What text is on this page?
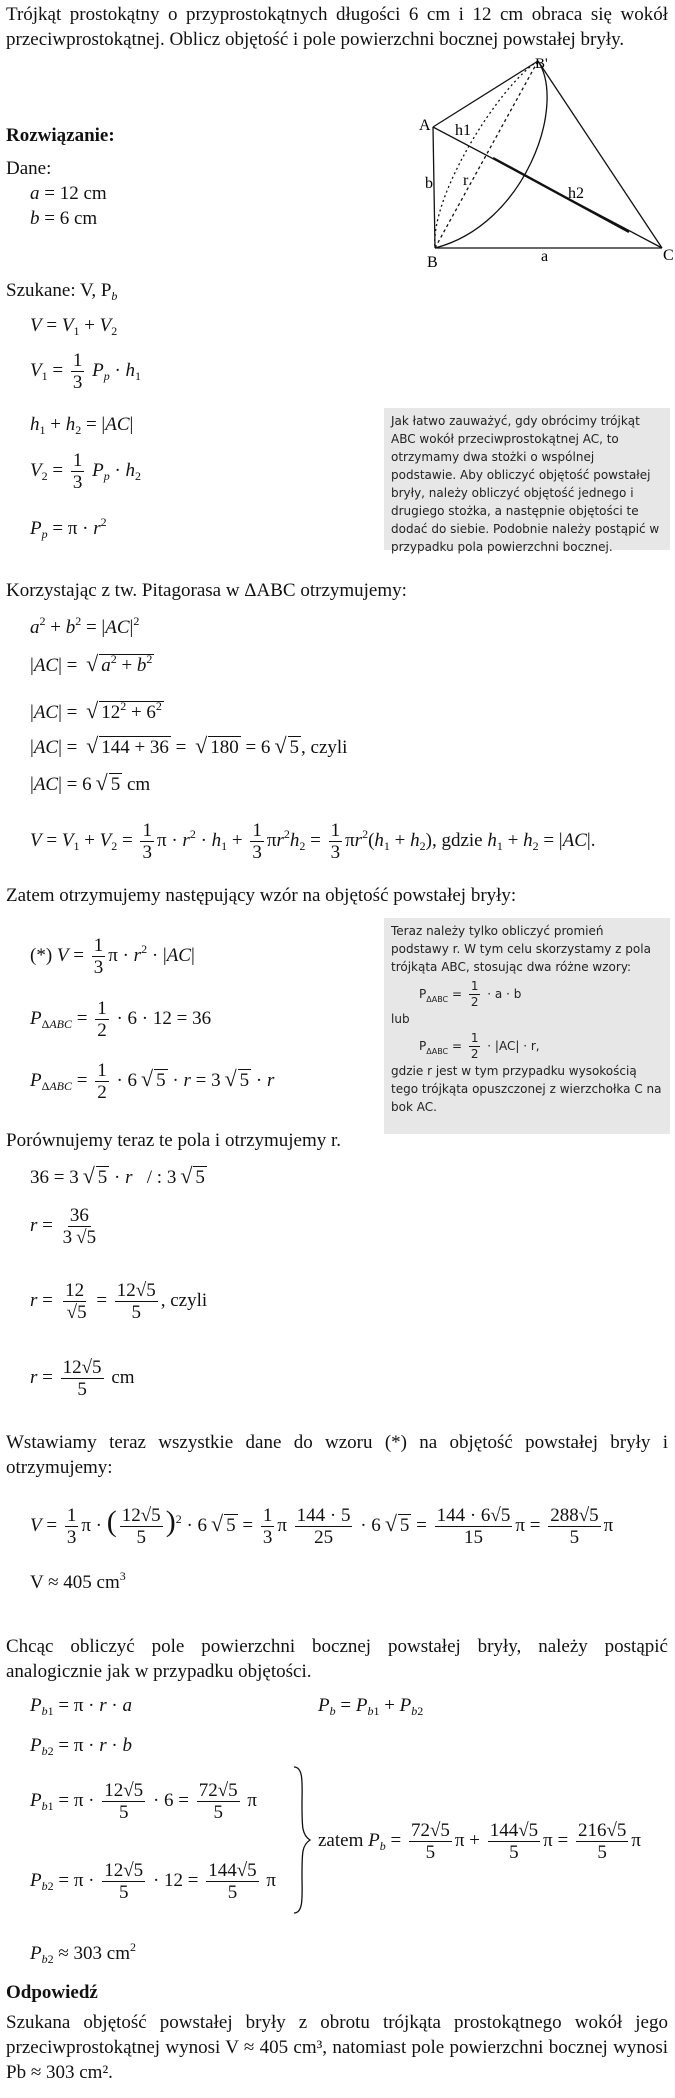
Trójkąt prostokątny o przyprostokątnych długości 6 cm i 12 cm obraca się wokół przeciwprostokątnej. Oblicz objętość i pole powierzchni bocznej powstałej bryły.
Rozwiązanie:
Dane:
a = 12 cm
b = 6 cm
A
B'
b r
h1
h2
a
B	C
Szukane: V, $P_b$
$V = V_1 + V_2$
$V_1 = \frac{1}{3} P_p \cdot h_1$
$h_1 + h_2 = |AC|$
$V_2 = \frac{1}{3} P_p \cdot h_2$
$P_p = \pi \cdot r^2$
Jak łatwo zauważyć, gdy obrócimy trójkąt ABC wokół przeciwprostokątnej AC, to otrzymamy dwa stożki o wspólnej podstawie. Aby obliczyć objętość powstałej bryły, należy obliczyć objętość jednego i drugiego stożka, a następnie objętości te dodać do siebie. Podobnie należy postąpić w przypadku pola powierzchni bocznej.
Korzystając z tw. Pitagorasa w ΔABC otrzymujemy:
$a^2 + b^2 = |AC|^2$
|AC| = √ $a^2 + b^2$
|AC| = √ $12^2 + 6^2$
|AC| = √ 144 + 36 = √ 180 = 6 √ 5 , czyli
|AC| = 6 √ 5 cm
$V = V_1 + V_2 = \frac{1}{3}$ $\pi \cdot r^2 \cdot h_1 + \frac{1}{3} \pi r^2h_2 = \frac{1}{3} \pi r^2(h_1 + h_2)$, gdzie $h_1 + h_2 = |AC|$.
Zatem otrzymujemy następujący wzór na objętość powstałej bryły:
(*) $V = \frac{1}{3}$ $\pi \cdot r^2 \cdot |AC|$
$P_{\Delta ABC} = \frac{1}{2} \cdot 6 \cdot 12 = 36$
$P_{\Delta ABC} = \frac{1}{2} \cdot 6$ √ 5 · r = 3 √ 5 · r
Teraz należy tylko obliczyć promień podstawy r. W tym celu skorzystamy z pola trójkąta ABC, stosując dwa różne wzory:
$P_{\Delta ABC} = \frac{1}{2} \cdot a \cdot b$
lub
$P_{\Delta ABC} = \frac{1}{2} \cdot |AC| \cdot r$,
gdzie r jest w tym przypadku wysokością tego trójkąta opuszczonej z wierzchołka C na bok AC.
Porównujemy teraz te pola i otrzymujemy r.
36 = 3 √ 5 · r   / : 3 √ 5
$r = \frac{36}{3 √5}$
$r = \frac{12}{√5} = \frac{12√5}{5}$ , czyli
$r = \frac{12√5}{5}$ cm
Wstawiamy teraz wszystkie dane do wzoru (*) na objętość powstałej bryły i otrzymujemy:
$V = \frac{1}{3}$ π · ( $\frac{12√5}{5} )^2 \cdot 6$ √ $5 = \frac{1}{3}$ π $\frac{144 \cdot 5}{25} \cdot 6$ √ $5 = \frac{144 \cdot 6√5}{15}$ $\pi = \frac{288√5}{5}$ π
V ≈ 405 $cm^3$
Chcąc obliczyć pole powierzchni bocznej powstałej bryły, należy postąpić analogicznie jak w przypadku objętości.
$P_{b1} = \pi \cdot r \cdot a$	$P_b = P_{b1} + P_{b2}$
$P_{b2} = \pi \cdot r \cdot b$
$P_{b1} = \pi \cdot \frac{12√5}{5} \cdot 6 = \frac{72√5}{5}$ π
$P_{b2} = \pi \cdot \frac{12√5}{5} \cdot 12 = \frac{144√5}{5}$ π
zatem $P_b = \frac{72√5}{5}$ $\pi + \frac{144√5}{5}$ $\pi = \frac{216√5}{5}$ π
$P_{b2} \approx 303$ $cm^2$
Odpowiedź
Szukana objętość powstałej bryły z obrotu trójkąta prostokątnego wokół jego przeciwprostokątnej wynosi V ≈ 405 cm³, natomiast pole powierzchni bocznej wynosi Pb ≈ 303 cm².
